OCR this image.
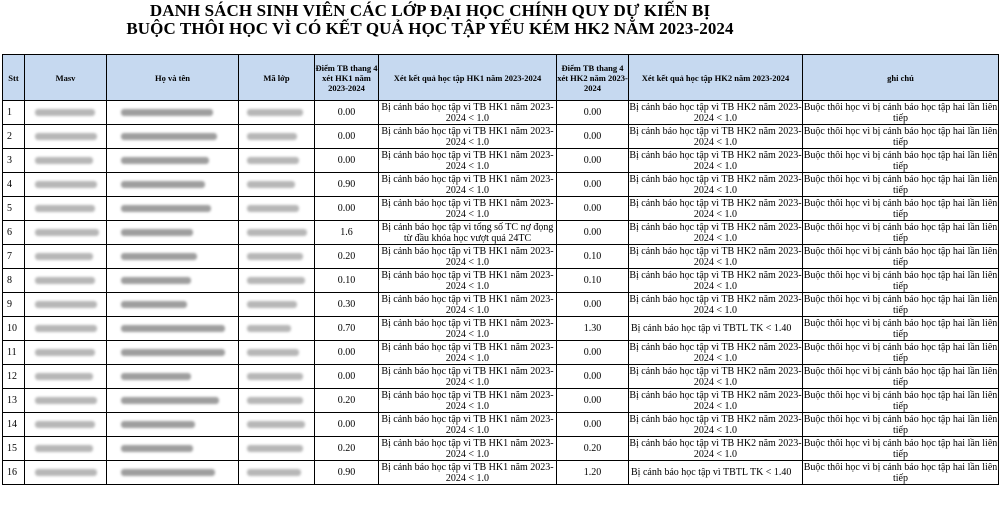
DANH SÁCH SINH VIÊN CÁC LỚP ĐẠI HỌC CHÍNH QUY DỰ KIẾN BỊ
BUỘC THÔI HỌC VÌ CÓ KẾT QUẢ HỌC TẬP YẾU KÉM HK2 NĂM 2023-2024
Stt	Masv	Họ và tên	Mã lớp	Điểm TB thang 4 xét HK1 năm 2023-2024	Xét kết quả học tập HK1 năm 2023-2024	Điểm TB thang 4 xét HK2 năm 2023-2024	Xét kết quả học tập HK2 năm 2023-2024	ghi chú
1				0.00	Bị cảnh báo học tập vì TB HK1 năm 2023-2024 < 1.0	0.00	Bị cảnh báo học tập vì TB HK2 năm 2023-2024 < 1.0	Buộc thôi học vì bị cảnh báo học tập hai lần liên tiếp
2				0.00	Bị cảnh báo học tập vì TB HK1 năm 2023-2024 < 1.0	0.00	Bị cảnh báo học tập vì TB HK2 năm 2023-2024 < 1.0	Buộc thôi học vì bị cảnh báo học tập hai lần liên tiếp
3				0.00	Bị cảnh báo học tập vì TB HK1 năm 2023-2024 < 1.0	0.00	Bị cảnh báo học tập vì TB HK2 năm 2023-2024 < 1.0	Buộc thôi học vì bị cảnh báo học tập hai lần liên tiếp
4				0.90	Bị cảnh báo học tập vì TB HK1 năm 2023-2024 < 1.0	0.00	Bị cảnh báo học tập vì TB HK2 năm 2023-2024 < 1.0	Buộc thôi học vì bị cảnh báo học tập hai lần liên tiếp
5				0.00	Bị cảnh báo học tập vì TB HK1 năm 2023-2024 < 1.0	0.00	Bị cảnh báo học tập vì TB HK2 năm 2023-2024 < 1.0	Buộc thôi học vì bị cảnh báo học tập hai lần liên tiếp
6				1.6	Bị cảnh báo học tập vì tổng số TC nợ đọng từ đầu khóa học vượt quá 24TC	0.00	Bị cảnh báo học tập vì TB HK2 năm 2023-2024 < 1.0	Buộc thôi học vì bị cảnh báo học tập hai lần liên tiếp
7				0.20	Bị cảnh báo học tập vì TB HK1 năm 2023-2024 < 1.0	0.10	Bị cảnh báo học tập vì TB HK2 năm 2023-2024 < 1.0	Buộc thôi học vì bị cảnh báo học tập hai lần liên tiếp
8				0.10	Bị cảnh báo học tập vì TB HK1 năm 2023-2024 < 1.0	0.10	Bị cảnh báo học tập vì TB HK2 năm 2023-2024 < 1.0	Buộc thôi học vì bị cảnh báo học tập hai lần liên tiếp
9				0.30	Bị cảnh báo học tập vì TB HK1 năm 2023-2024 < 1.0	0.00	Bị cảnh báo học tập vì TB HK2 năm 2023-2024 < 1.0	Buộc thôi học vì bị cảnh báo học tập hai lần liên tiếp
10				0.70	Bị cảnh báo học tập vì TB HK1 năm 2023-2024 < 1.0	1.30	Bị cảnh báo học tập vì TBTL TK < 1.40	Buộc thôi học vì bị cảnh báo học tập hai lần liên tiếp
11				0.00	Bị cảnh báo học tập vì TB HK1 năm 2023-2024 < 1.0	0.00	Bị cảnh báo học tập vì TB HK2 năm 2023-2024 < 1.0	Buộc thôi học vì bị cảnh báo học tập hai lần liên tiếp
12				0.00	Bị cảnh báo học tập vì TB HK1 năm 2023-2024 < 1.0	0.00	Bị cảnh báo học tập vì TB HK2 năm 2023-2024 < 1.0	Buộc thôi học vì bị cảnh báo học tập hai lần liên tiếp
13				0.20	Bị cảnh báo học tập vì TB HK1 năm 2023-2024 < 1.0	0.00	Bị cảnh báo học tập vì TB HK2 năm 2023-2024 < 1.0	Buộc thôi học vì bị cảnh báo học tập hai lần liên tiếp
14				0.00	Bị cảnh báo học tập vì TB HK1 năm 2023-2024 < 1.0	0.00	Bị cảnh báo học tập vì TB HK2 năm 2023-2024 < 1.0	Buộc thôi học vì bị cảnh báo học tập hai lần liên tiếp
15				0.20	Bị cảnh báo học tập vì TB HK1 năm 2023-2024 < 1.0	0.20	Bị cảnh báo học tập vì TB HK2 năm 2023-2024 < 1.0	Buộc thôi học vì bị cảnh báo học tập hai lần liên tiếp
16				0.90	Bị cảnh báo học tập vì TB HK1 năm 2023-2024 < 1.0	1.20	Bị cảnh báo học tập vì TBTL TK < 1.40	Buộc thôi học vì bị cảnh báo học tập hai lần liên tiếp
